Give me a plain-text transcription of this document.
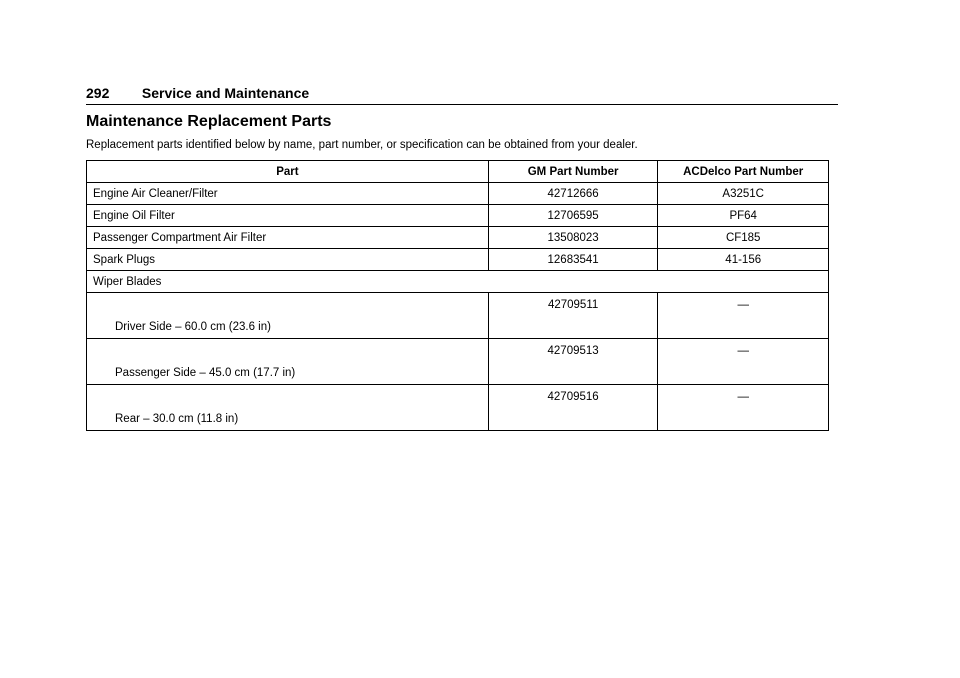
292 Service and Maintenance
Maintenance Replacement Parts

Replacement parts identified below by name, part number, or specification can be obtained from your dealer.

Part	GM Part Number	ACDelco Part Number
Engine Air Cleaner/Filter	42712666	A3251C
Engine Oil Filter	12706595	PF64
Passenger Compartment Air Filter	13508023	CF185
Spark Plugs	12683541	41-156
Wiper Blades		
Driver Side – 60.0 cm (23.6 in)	42709511	—
Passenger Side – 45.0 cm (17.7 in)	42709513	—
Rear – 30.0 cm (11.8 in)	42709516	—
